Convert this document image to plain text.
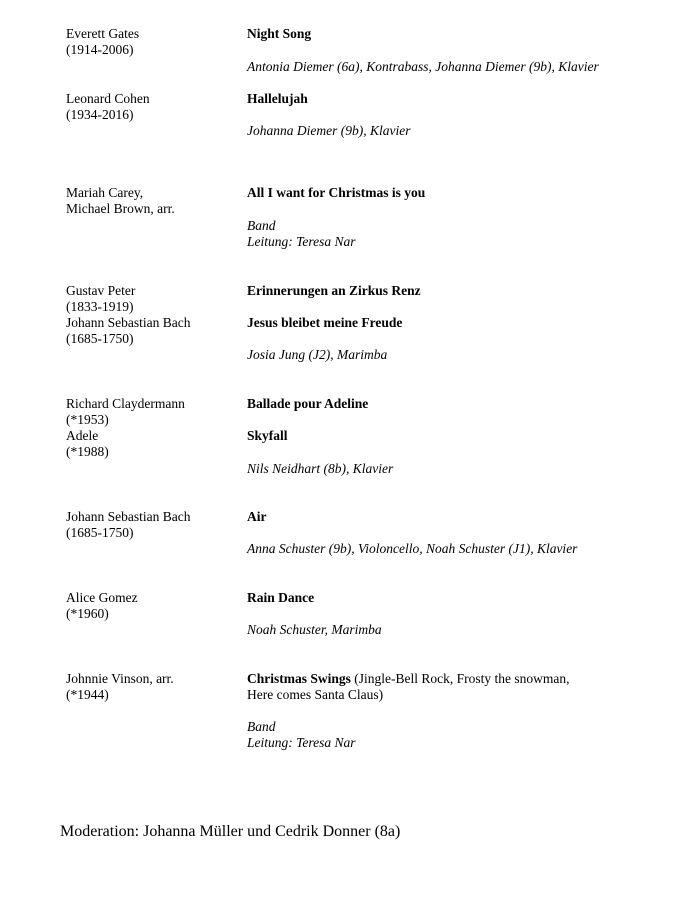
Everett Gates
(1914-2006)
Night Song
Antonia Diemer (6a), Kontrabass, Johanna Diemer (9b), Klavier
Leonard Cohen
(1934-2016)
Hallelujah
Johanna Diemer (9b), Klavier
Mariah Carey,
Michael Brown, arr.
All I want for Christmas is you
Band
Leitung: Teresa Nar
Gustav Peter
(1833-1919)
Johann Sebastian Bach
(1685-1750)
Erinnerungen an Zirkus Renz
Jesus bleibet meine Freude
Josia Jung (J2), Marimba
Richard Claydermann
(*1953)
Adele
(*1988)
Ballade pour Adeline
Skyfall
Nils Neidhart (8b), Klavier
Johann Sebastian Bach
(1685-1750)
Air
Anna Schuster (9b), Violoncello, Noah Schuster (J1), Klavier
Alice Gomez
(*1960)
Rain Dance
Noah Schuster, Marimba
Johnnie Vinson, arr.
(*1944)
Christmas Swings (Jingle-Bell Rock, Frosty the snowman,
Here comes Santa Claus)
Band
Leitung: Teresa Nar
Moderation: Johanna Müller und Cedrik Donner (8a)
